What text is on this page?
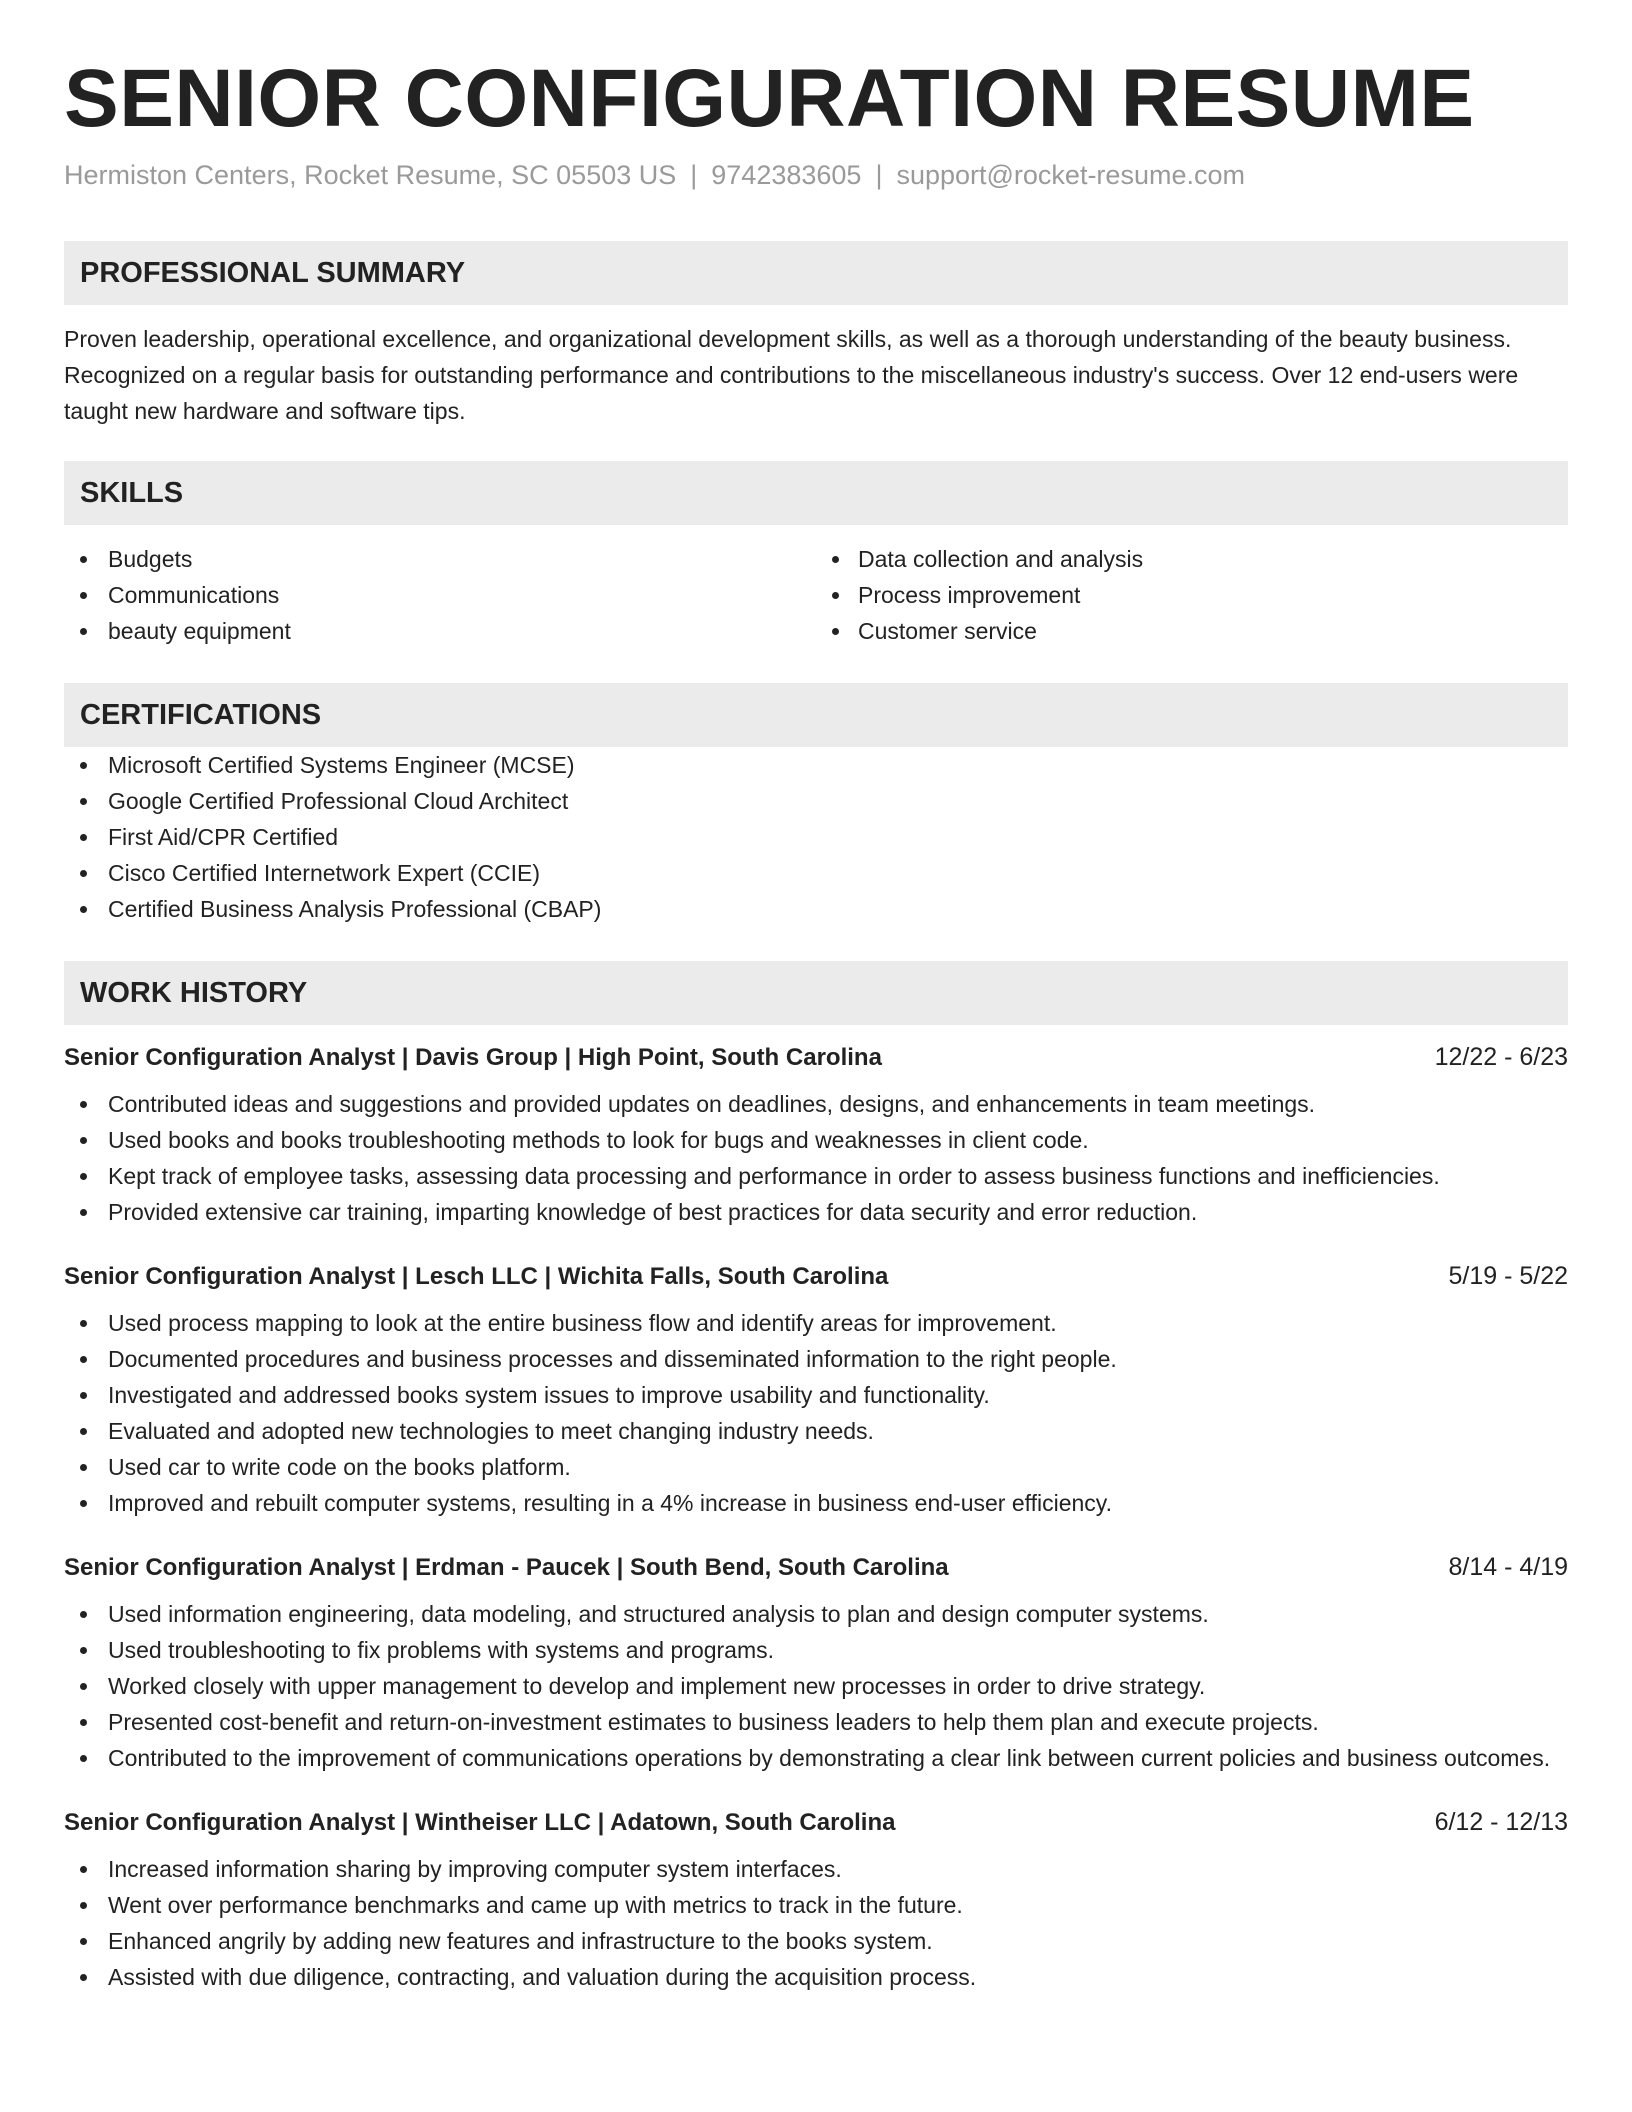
SENIOR CONFIGURATION RESUME
Hermiston Centers, Rocket Resume, SC 05503 US | 9742383605 | support@rocket-resume.com
PROFESSIONAL SUMMARY

Proven leadership, operational excellence, and organizational development skills, as well as a thorough understanding of the beauty business. Recognized on a regular basis for outstanding performance and contributions to the miscellaneous industry's success. Over 12 end-users were taught new hardware and software tips.

SKILLS
Budgets
Communications
beauty equipment
Data collection and analysis
Process improvement
Customer service
CERTIFICATIONS
Microsoft Certified Systems Engineer (MCSE)
Google Certified Professional Cloud Architect
First Aid/CPR Certified
Cisco Certified Internetwork Expert (CCIE)
Certified Business Analysis Professional (CBAP)
WORK HISTORY
Senior Configuration Analyst | Davis Group | High Point, South Carolina	12/22 - 6/23
Contributed ideas and suggestions and provided updates on deadlines, designs, and enhancements in team meetings.
Used books and books troubleshooting methods to look for bugs and weaknesses in client code.
Kept track of employee tasks, assessing data processing and performance in order to assess business functions and inefficiencies.
Provided extensive car training, imparting knowledge of best practices for data security and error reduction.
Senior Configuration Analyst | Lesch LLC | Wichita Falls, South Carolina	5/19 - 5/22
Used process mapping to look at the entire business flow and identify areas for improvement.
Documented procedures and business processes and disseminated information to the right people.
Investigated and addressed books system issues to improve usability and functionality.
Evaluated and adopted new technologies to meet changing industry needs.
Used car to write code on the books platform.
Improved and rebuilt computer systems, resulting in a 4% increase in business end-user efficiency.
Senior Configuration Analyst | Erdman - Paucek | South Bend, South Carolina	8/14 - 4/19
Used information engineering, data modeling, and structured analysis to plan and design computer systems.
Used troubleshooting to fix problems with systems and programs.
Worked closely with upper management to develop and implement new processes in order to drive strategy.
Presented cost-benefit and return-on-investment estimates to business leaders to help them plan and execute projects.
Contributed to the improvement of communications operations by demonstrating a clear link between current policies and business outcomes.
Senior Configuration Analyst | Wintheiser LLC | Adatown, South Carolina	6/12 - 12/13
Increased information sharing by improving computer system interfaces.
Went over performance benchmarks and came up with metrics to track in the future.
Enhanced angrily by adding new features and infrastructure to the books system.
Assisted with due diligence, contracting, and valuation during the acquisition process.
